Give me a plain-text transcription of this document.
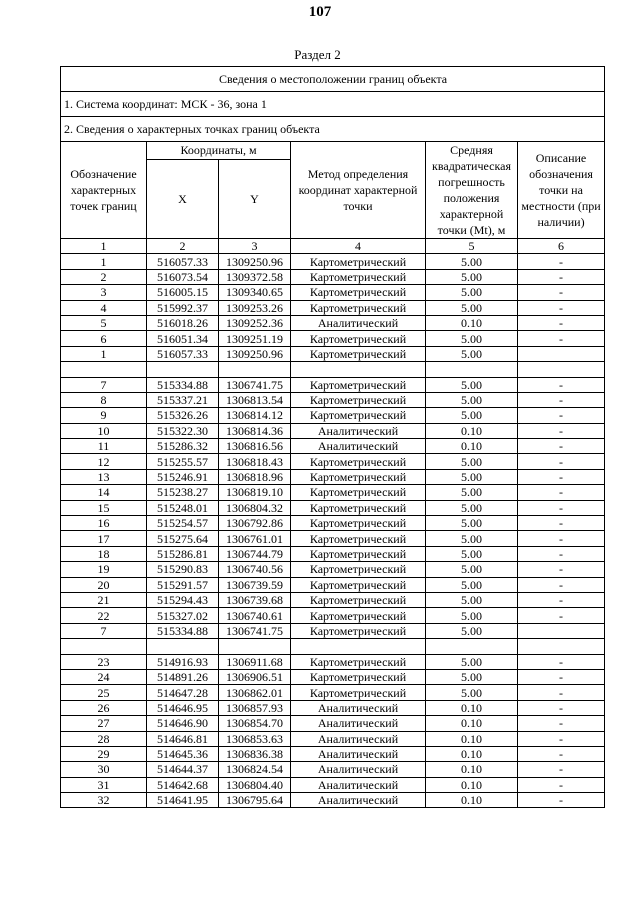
107
Раздел 2
Сведения о местоположении границ объекта					
1. Система координат: МСК - 36, зона 1					
2. Сведения о характерных точках границ объекта					
Обозначение характерных точек границ	Координаты, м		Метод определения координат характерной точки	Средняя квадратическая погрешность положения характерной точки (Mt), м	Описание обозначения точки на местности (при наличии)
	X	Y			
1	2	3	4	5	6
1	516057.33	1309250.96	Картометрический	5.00	-
2	516073.54	1309372.58	Картометрический	5.00	-
3	516005.15	1309340.65	Картометрический	5.00	-
4	515992.37	1309253.26	Картометрический	5.00	-
5	516018.26	1309252.36	Аналитический	0.10	-
6	516051.34	1309251.19	Картометрический	5.00	-
1	516057.33	1309250.96	Картометрический	5.00	

7	515334.88	1306741.75	Картометрический	5.00	-
8	515337.21	1306813.54	Картометрический	5.00	-
9	515326.26	1306814.12	Картометрический	5.00	-
10	515322.30	1306814.36	Аналитический	0.10	-
11	515286.32	1306816.56	Аналитический	0.10	-
12	515255.57	1306818.43	Картометрический	5.00	-
13	515246.91	1306818.96	Картометрический	5.00	-
14	515238.27	1306819.10	Картометрический	5.00	-
15	515248.01	1306804.32	Картометрический	5.00	-
16	515254.57	1306792.86	Картометрический	5.00	-
17	515275.64	1306761.01	Картометрический	5.00	-
18	515286.81	1306744.79	Картометрический	5.00	-
19	515290.83	1306740.56	Картометрический	5.00	-
20	515291.57	1306739.59	Картометрический	5.00	-
21	515294.43	1306739.68	Картометрический	5.00	-
22	515327.02	1306740.61	Картометрический	5.00	-
7	515334.88	1306741.75	Картометрический	5.00	

23	514916.93	1306911.68	Картометрический	5.00	-
24	514891.26	1306906.51	Картометрический	5.00	-
25	514647.28	1306862.01	Картометрический	5.00	-
26	514646.95	1306857.93	Аналитический	0.10	-
27	514646.90	1306854.70	Аналитический	0.10	-
28	514646.81	1306853.63	Аналитический	0.10	-
29	514645.36	1306836.38	Аналитический	0.10	-
30	514644.37	1306824.54	Аналитический	0.10	-
31	514642.68	1306804.40	Аналитический	0.10	-
32	514641.95	1306795.64	Аналитический	0.10	-
